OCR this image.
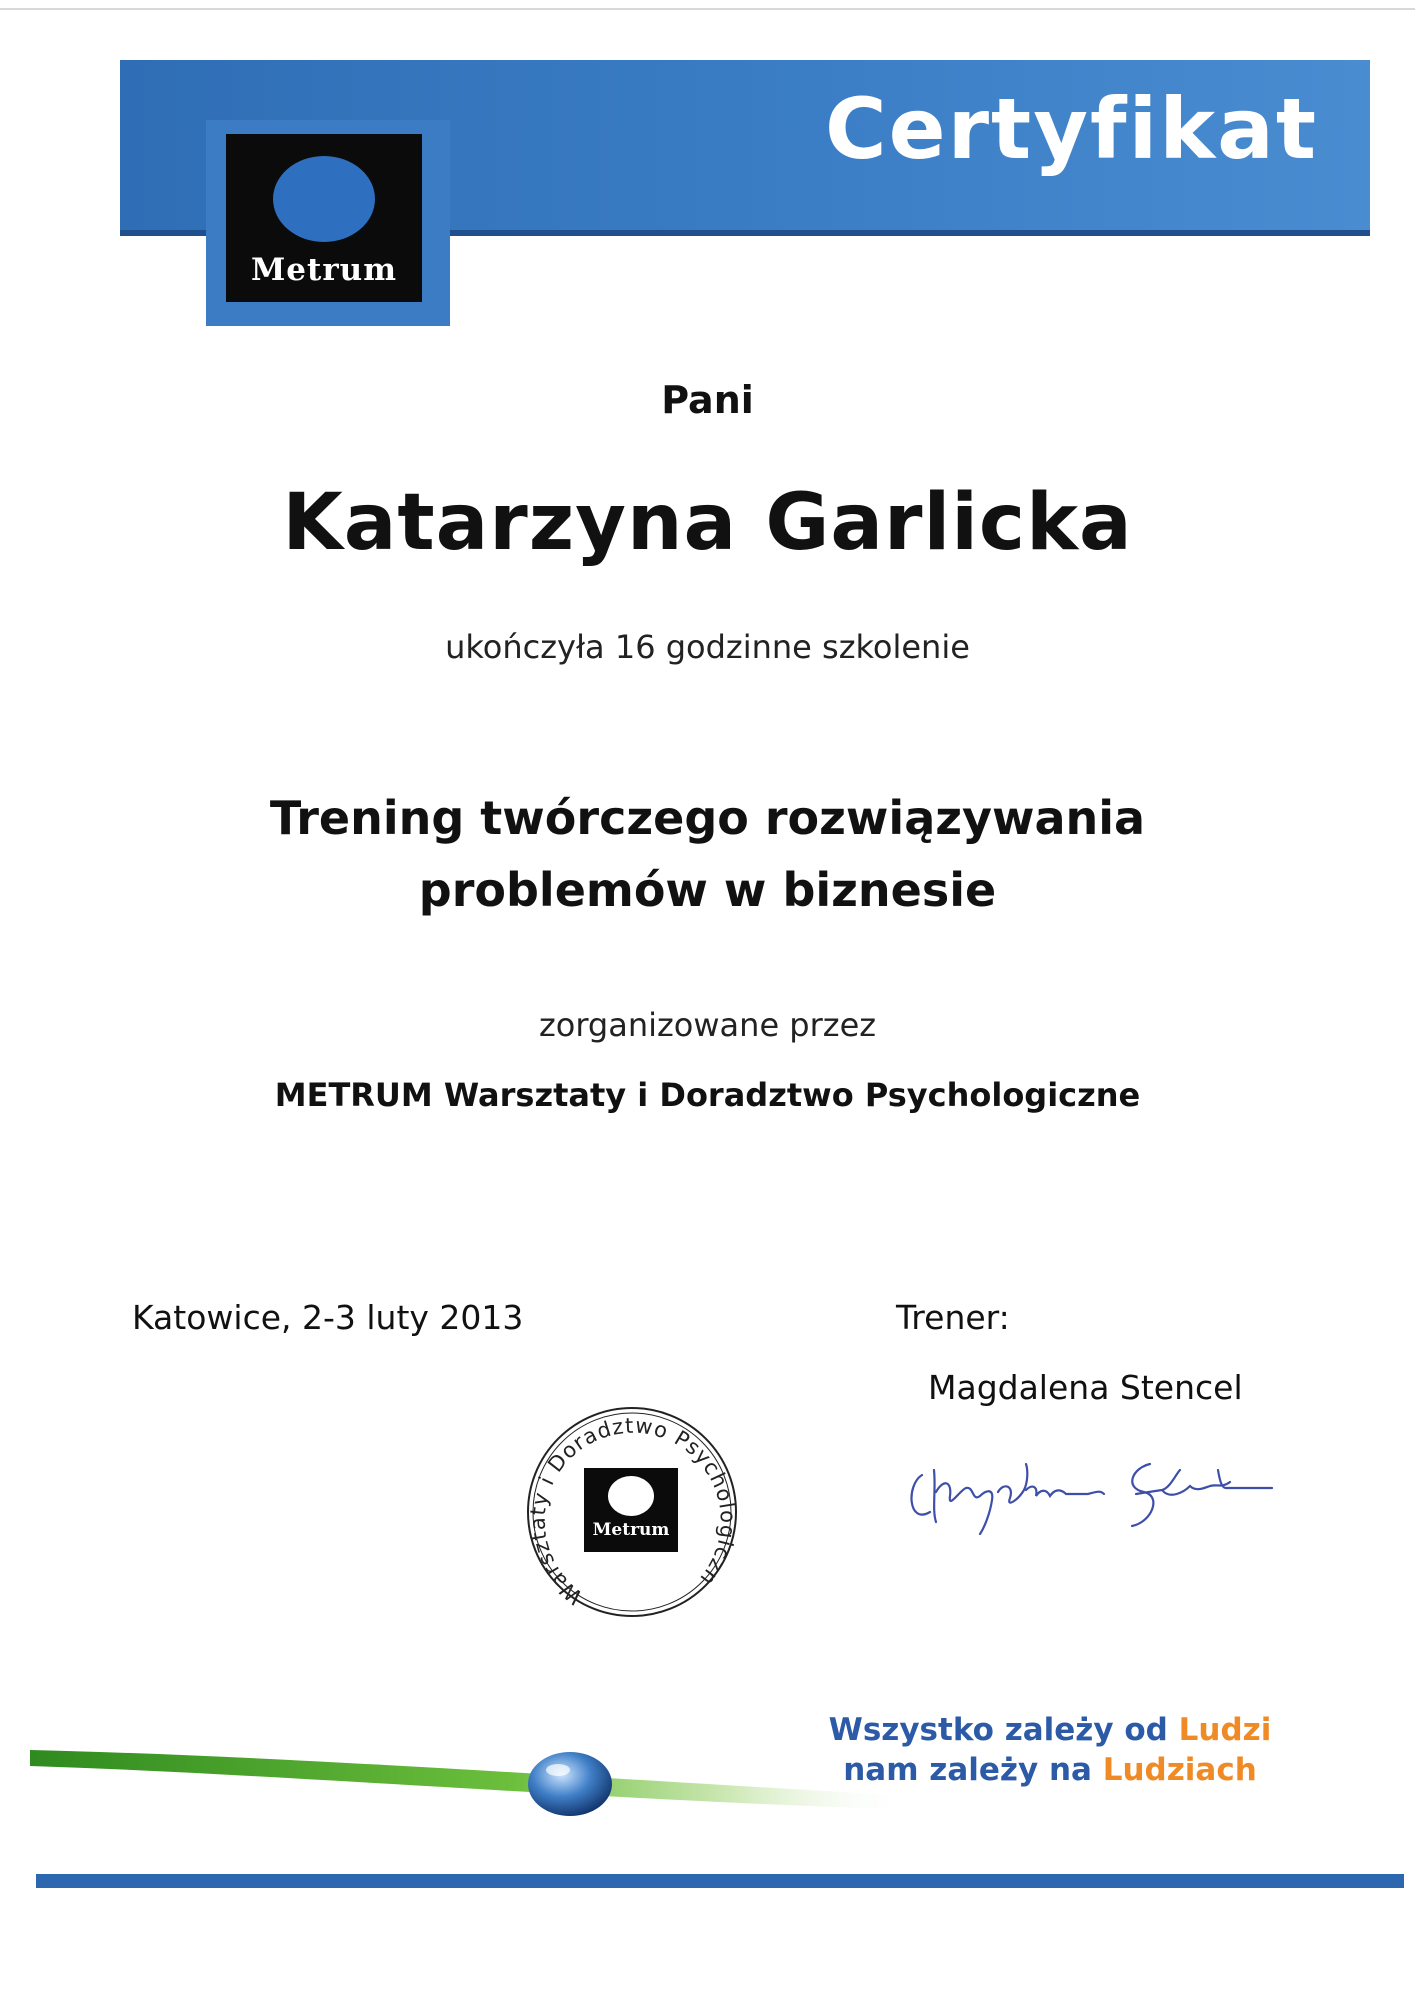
Certyfikat
Metrum
Pani
Katarzyna Garlicka
ukończyła 16 godzinne szkolenie
Trening twórczego rozwiązywania
problemów w biznesie
zorganizowane przez
METRUM Warsztaty i Doradztwo Psychologiczne
Katowice, 2-3 luty 2013	Trener:
Magdalena Stencel
Warsztaty i Doradztwo Psychologiczn
Metrum
Wszystko zależy od Ludzi
nam zależy na Ludziach
